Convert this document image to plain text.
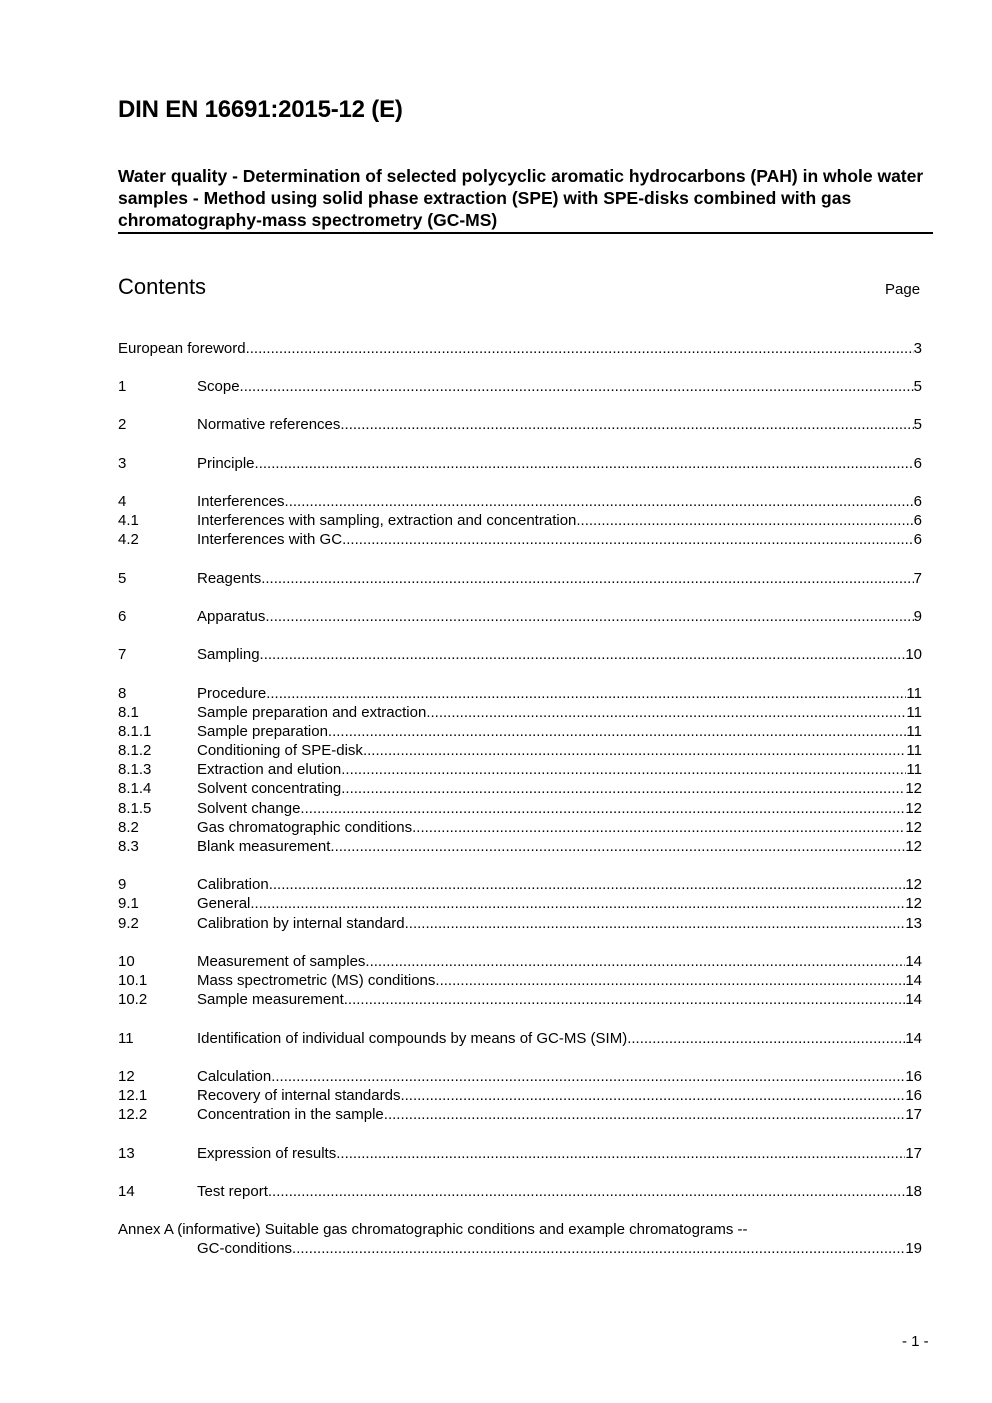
DIN EN 16691:2015-12 (E)
Water quality - Determination of selected polycyclic aromatic hydrocarbons (PAH) in whole water samples - Method using solid phase extraction (SPE) with SPE-disks combined with gas chromatography-mass spectrometry (GC-MS)
Contents	Page
European foreword .....	3
1	Scope .....	5
2	Normative references .....	5
3	Principle .....	6
4	Interferences .....	6
4.1	Interferences with sampling, extraction and concentration .....	6
4.2	Interferences with GC .....	6
5	Reagents .....	7
6	Apparatus .....	9
7	Sampling .....	10
8	Procedure .....	11
8.1	Sample preparation and extraction .....	11
8.1.1	Sample preparation .....	11
8.1.2	Conditioning of SPE-disk .....	11
8.1.3	Extraction and elution .....	11
8.1.4	Solvent concentrating .....	12
8.1.5	Solvent change .....	12
8.2	Gas chromatographic conditions .....	12
8.3	Blank measurement .....	12
9	Calibration .....	12
9.1	General .....	12
9.2	Calibration by internal standard .....	13
10	Measurement of samples .....	14
10.1	Mass spectrometric (MS) conditions .....	14
10.2	Sample measurement .....	14
11	Identification of individual compounds by means of GC-MS (SIM) .....	14
12	Calculation .....	16
12.1	Recovery of internal standards .....	16
12.2	Concentration in the sample .....	17
13	Expression of results .....	17
14	Test report .....	18
Annex A (informative) Suitable gas chromatographic conditions and example chromatograms --
GC-conditions .....	19
- 1 -
